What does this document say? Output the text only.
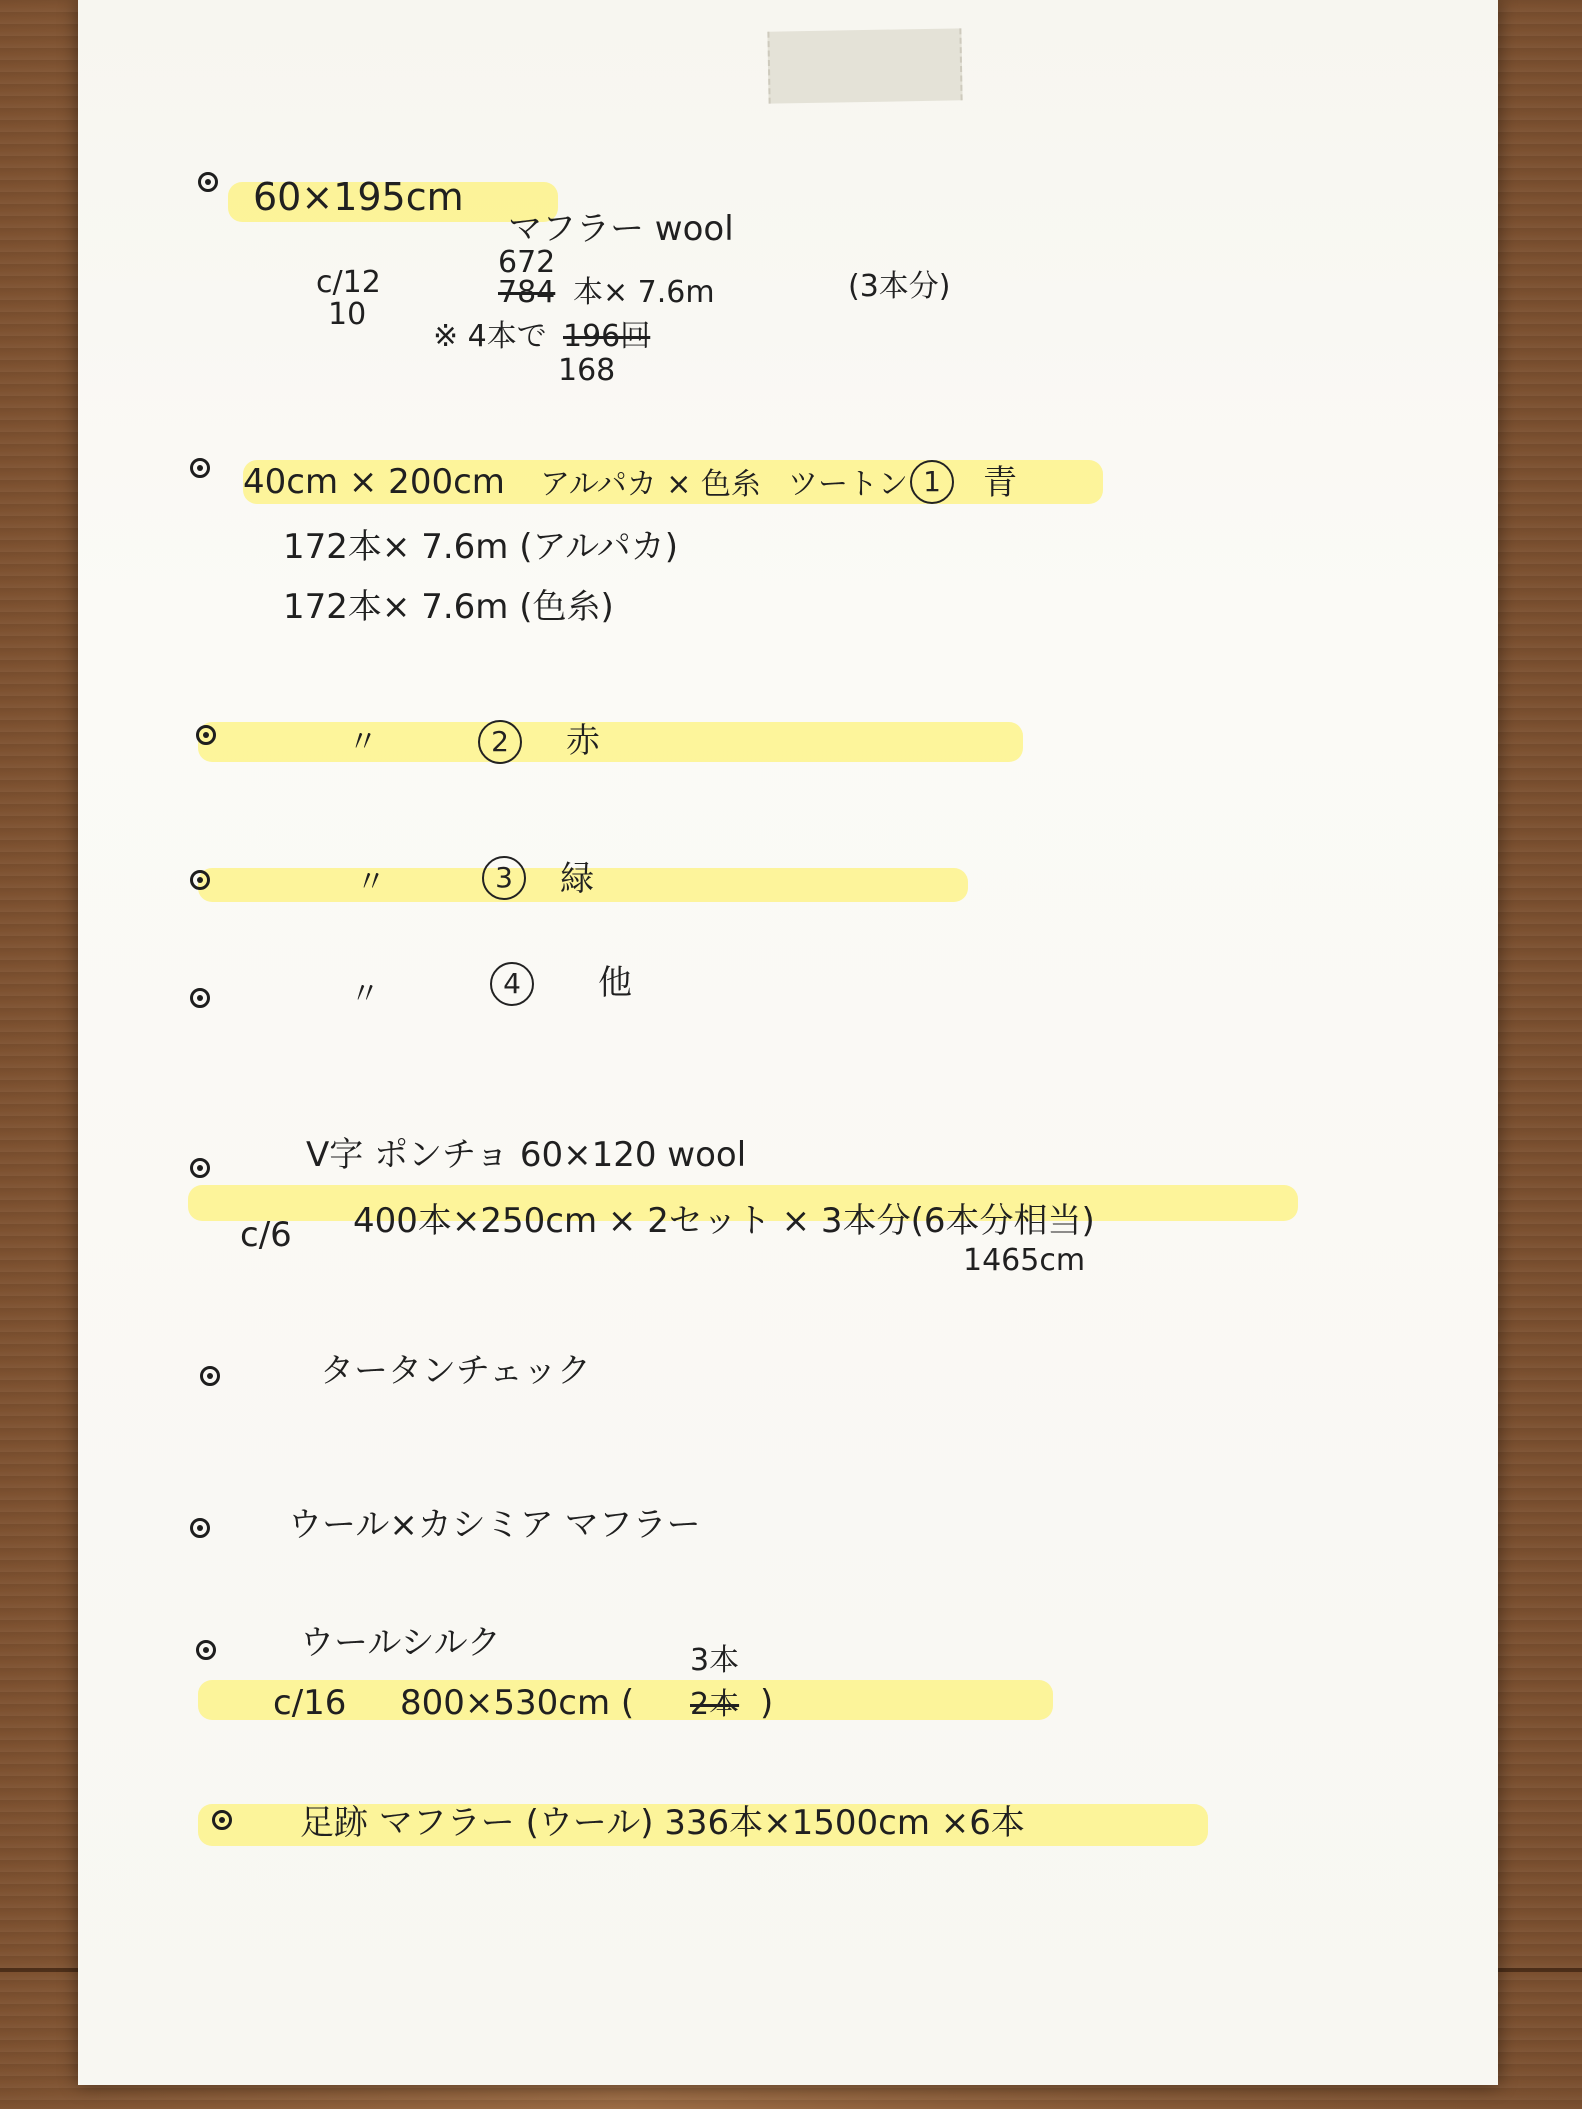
60×195cm
マフラー wool
672
784 本× 7.6m	(3本分)
c/12
10
※ 4本で 196回
168
40cm × 200cm アルパカ × 色糸 ツートン 1	青
172本× 7.6m (アルパカ)
172本× 7.6m (色糸)
〃	2	赤
〃	3	緑
〃	4	他
V字 ポンチョ 60×120 wool
c/6 400本×250cm × 2セット × 3本分(6本分相当)
1465cm
タータンチェック
ウール×カシミア マフラー
ウールシルク	3本
c/16 800×530cm ( 2本 )
足跡 マフラー (ウール) 336本×1500cm ×6本
